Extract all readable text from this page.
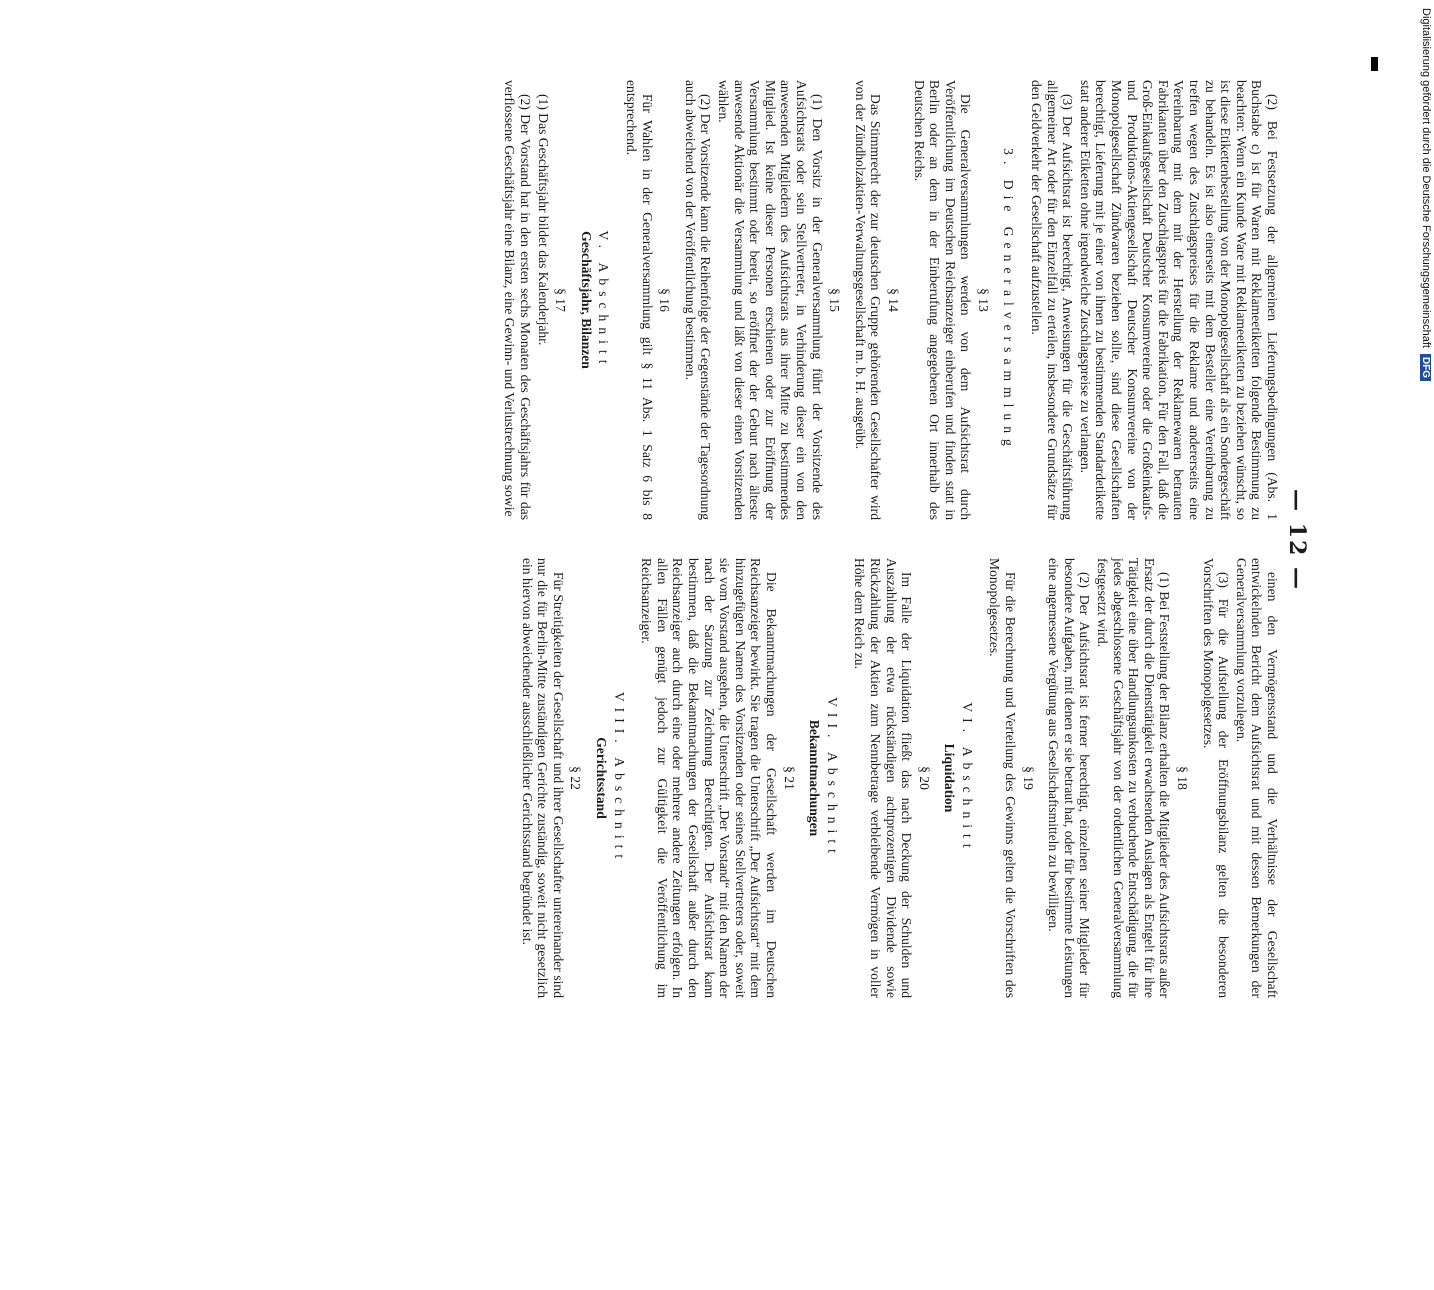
— 12 —

(2) Bei Festsetzung der allgemeinen Lieferungsbedingungen (Abs. 1 Buchstabe c) ist für Waren mit Reklameetiketten folgende Bestimmung zu beachten: Wenn ein Kunde Ware mit Reklameetiketten zu beziehen wünscht, so ist diese Etikettenbestellung von der Monopolgesellschaft als ein Sondergeschäft zu behandeln. Es ist also einerseits mit dem Besteller eine Vereinbarung zu treffen wegen des Zuschlagspreises für die Reklame und andererseits eine Vereinbarung mit dem mit der Herstellung der Reklamewaren betrauten Fabrikanten über den Zuschlagspreis für die Fabrikation. Für den Fall, daß die Groß-Einkaufsgesellschaft Deutscher Konsumvereine oder die Großeinkaufs- und Produktions-Aktiengesellschaft Deutscher Konsumvereine von der Monopolgesellschaft Zündwaren beziehen sollte, sind diese Gesellschaften berechtigt, Lieferung mit je einer von ihnen zu bestimmenden Standardetikette statt anderer Etiketten ohne irgendwelche Zuschlagspreise zu verlangen.

(3) Der Aufsichtsrat ist berechtigt, Anweisungen für die Geschäftsführung allgemeiner Art oder für den Einzelfall zu erteilen, insbesondere Grundsätze für den Geldverkehr der Gesellschaft aufzustellen.

3. Die Generalversammlung

§ 13

Die Generalversammlungen werden von dem Aufsichtsrat durch Veröffentlichung im Deutschen Reichsanzeiger einberufen und finden statt in Berlin oder an dem in der Einberufung angegebenen Ort innerhalb des Deutschen Reichs.

§ 14

Das Stimmrecht der zur deutschen Gruppe gehörenden Gesellschafter wird von der Zündholzaktien-Verwaltungsgesellschaft m. b. H. ausgeübt.

§ 15

(1) Den Vorsitz in der Generalversammlung führt der Vorsitzende des Aufsichtsrats oder sein Stellvertreter, in Verhinderung dieser ein von den anwesenden Mitgliedern des Aufsichtsrats aus ihrer Mitte zu bestimmendes Mitglied. Ist keine dieser Personen erschienen oder zur Eröffnung der Versammlung bestimmt oder bereit, so eröffnet der der Geburt nach älteste anwesende Aktionär die Versammlung und läßt von dieser einen Vorsitzenden wählen.

(2) Der Vorsitzende kann die Reihenfolge der Gegenstände der Tagesordnung auch abweichend von der Veröffentlichung bestimmen.

§ 16

Für Wahlen in der Generalversammlung gilt § 11 Abs. 1 Satz 6 bis 8 entsprechend.

V. Abschnitt

Geschäftsjahr, Bilanzen

§ 17

(1) Das Geschäftsjahr bildet das Kalenderjahr.

(2) Der Vorstand hat in den ersten sechs Monaten des Geschäftsjahrs für das verflossene Geschäftsjahr eine Bilanz, eine Gewinn- und Verlustrechnung sowie

einen den Vermögensstand und die Verhältnisse der Gesellschaft entwickelnden Bericht dem Aufsichtsrat und mit dessen Bemerkungen der Generalversammlung vorzulegen.

(3) Für die Aufstellung der Eröffnungsbilanz gelten die besonderen Vorschriften des Monopolgesetzes.

§ 18

(1) Bei Feststellung der Bilanz erhalten die Mitglieder des Aufsichtsrats außer Ersatz der durch die Diensttätigkeit erwachsenden Auslagen als Entgelt für ihre Tätigkeit eine über Handlungsunkosten zu verbuchende Entschädigung, die für jedes abgeschlossene Geschäftsjahr von der ordentlichen Generalversammlung festgesetzt wird.

(2) Der Aufsichtsrat ist ferner berechtigt, einzelnen seiner Mitglieder für besondere Aufgaben, mit denen er sie betraut hat, oder für bestimmte Leistungen eine angemessene Vergütung aus Gesellschaftsmitteln zu bewilligen.

§ 19

Für die Berechnung und Verteilung des Gewinns gelten die Vorschriften des Monopolgesetzes.

VI. Abschnitt

Liquidation

§ 20

Im Falle der Liquidation fließt das nach Deckung der Schulden und Auszahlung der etwa rückständigen achtprozentigen Dividende sowie Rückzahlung der Aktien zum Nennbetrage verbleibende Vermögen in voller Höhe dem Reich zu.

VII. Abschnitt

Bekanntmachungen

§ 21

Die Bekanntmachungen der Gesellschaft werden im Deutschen Reichsanzeiger bewirkt. Sie tragen die Unterschrift „Der Aufsichtsrat“ mit dem hinzugefügten Namen des Vorsitzenden oder seines Stellvertreters oder, soweit sie vom Vorstand ausgehen, die Unterschrift „Der Vorstand“ mit den Namen der nach der Satzung zur Zeichnung Berechtigten. Der Aufsichtsrat kann bestimmen, daß die Bekanntmachungen der Gesellschaft außer durch den Reichsanzeiger auch durch eine oder mehrere andere Zeitungen erfolgen. In allen Fällen genügt jedoch zur Gültigkeit die Veröffentlichung im Reichsanzeiger.

VIII. Abschnitt

Gerichtsstand

§ 22

Für Streitigkeiten der Gesellschaft und ihrer Gesellschafter untereinander sind nur die für Berlin-Mitte zuständigen Gerichte zuständig, soweit nicht gesetzlich ein hiervon abweichender ausschließlicher Gerichtsstand begründet ist.

Digitalisierung gefördert durch die Deutsche ForschungsgemeinschaftDFG
